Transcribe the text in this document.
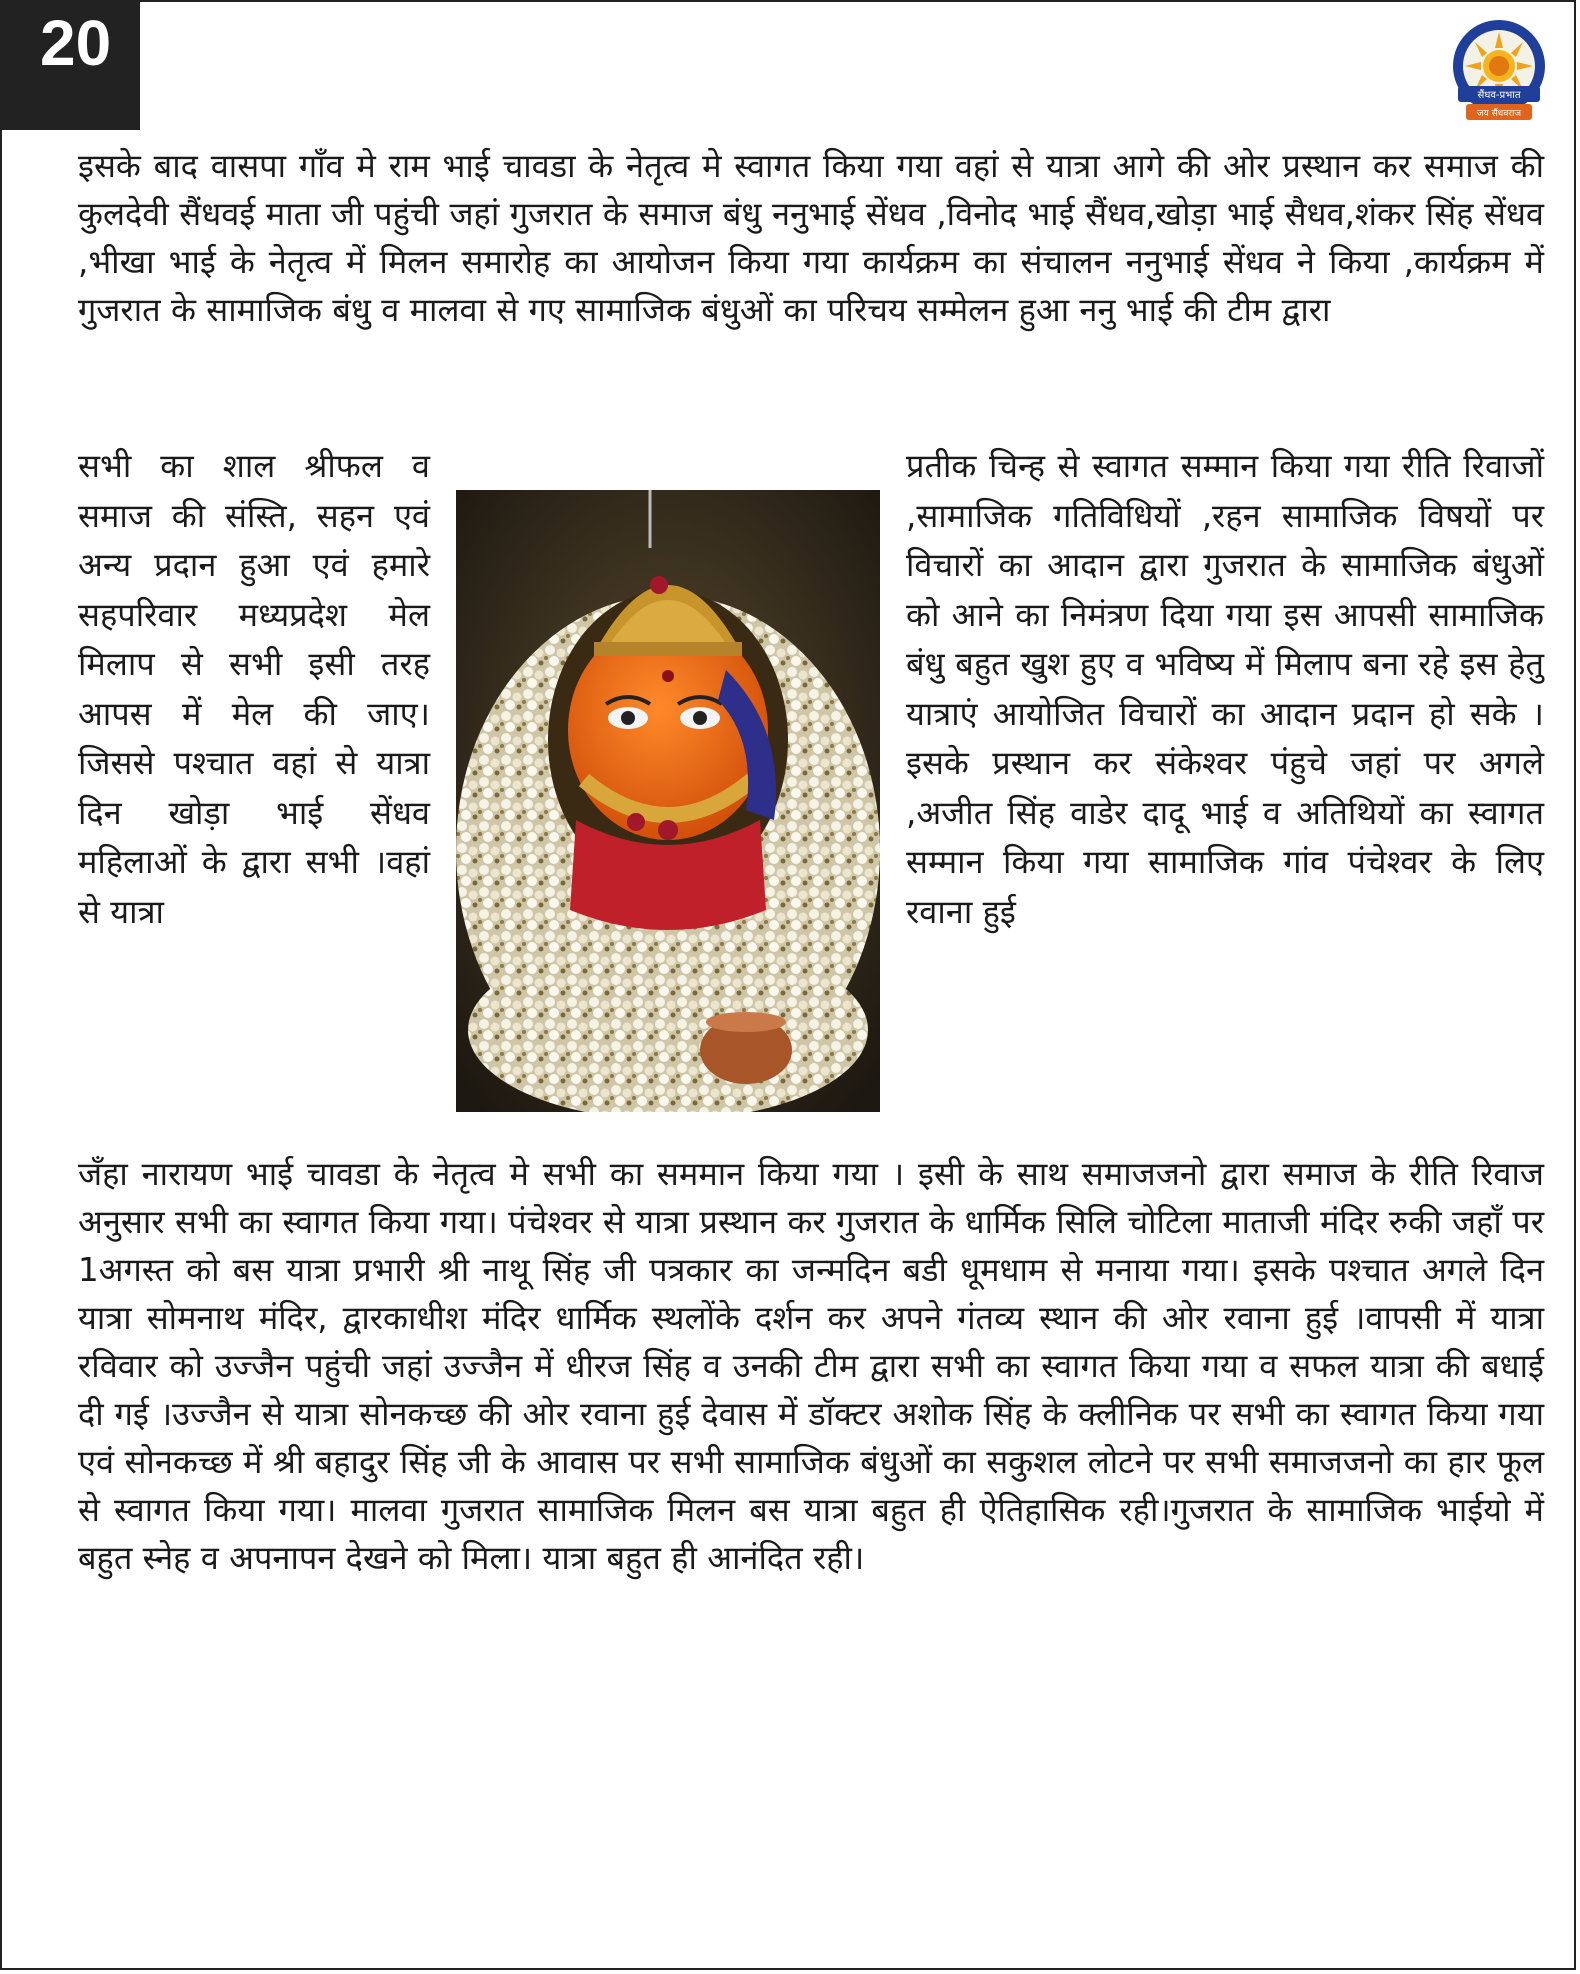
20
सैंधव-प्रभात
जय सैंधवराज

इसके बाद वासपा गाँव मे राम भाई चावडा के नेतृत्व मे स्वागत किया गया वहां से यात्रा आगे की ओर प्रस्थान कर समाज की कुलदेवी सैंधवई माता जी पहुंची जहां गुजरात के समाज बंधु ननुभाई सेंधव ,विनोद भाई सैंधव,खोड़ा भाई सैधव,शंकर सिंह सेंधव ,भीखा भाई के नेतृत्व में मिलन समारोह का आयोजन किया गया कार्यक्रम का संचालन ननुभाई सेंधव ने किया ,कार्यक्रम में गुजरात के सामाजिक बंधु व मालवा से गए सामाजिक बंधुओं का परिचय सम्मेलन हुआ ननु भाई की टीम द्वारा

सभी का शाल श्रीफल व समाज की संस्ति, सहन एवं अन्य प्रदान हुआ एवं हमारे सहपरिवार मध्यप्रदेश मेल मिलाप से सभी इसी तरह आपस में मेल की जाए। जिससे पश्चात वहां से यात्रा दिन खोड़ा भाई सेंधव महिलाओं के द्वारा सभी ।वहां से यात्रा

प्रतीक चिन्ह से स्वागत सम्मान किया गया रीति रिवाजों ,सामाजिक गतिविधियों ,रहन सामाजिक विषयों पर विचारों का आदान द्वारा गुजरात के सामाजिक बंधुओं को आने का निमंत्रण दिया गया इस आपसी सामाजिक बंधु बहुत खुश हुए व भविष्य में मिलाप बना रहे इस हेतु यात्राएं आयोजित विचारों का आदान प्रदान हो सके ।इसके प्रस्थान कर संकेश्वर पंहुचे जहां पर अगले ,अजीत सिंह वाडेर दादू भाई व अतिथियों का स्वागत सम्मान किया गया सामाजिक गांव पंचेश्वर के लिए रवाना हुई

जँहा नारायण भाई चावडा के नेतृत्व मे सभी का सममान किया गया । इसी के साथ समाजजनो द्वारा समाज के रीति रिवाज अनुसार सभी का स्वागत किया गया। पंचेश्वर से यात्रा प्रस्थान कर गुजरात के धार्मिक सिलि चोटिला माताजी मंदिर रुकी जहाँ पर 1अगस्त को बस यात्रा प्रभारी श्री नाथू सिंह जी पत्रकार का जन्मदिन बडी धूमधाम से मनाया गया। इसके पश्चात अगले दिन यात्रा सोमनाथ मंदिर, द्वारकाधीश मंदिर धार्मिक स्थलोंके दर्शन कर अपने गंतव्य स्थान की ओर रवाना हुई ।वापसी में यात्रा रविवार को उज्जैन पहुंची जहां उज्जैन में धीरज सिंह व उनकी टीम द्वारा सभी का स्वागत किया गया व सफल यात्रा की बधाई दी गई ।उज्जैन से यात्रा सोनकच्छ की ओर रवाना हुई देवास में डॉक्टर अशोक सिंह के क्लीनिक पर सभी का स्वागत किया गया एवं सोनकच्छ में श्री बहादुर सिंह जी के आवास पर सभी सामाजिक बंधुओं का सकुशल लोटने पर सभी समाजजनो का हार फूल से स्वागत किया गया। मालवा गुजरात सामाजिक मिलन बस यात्रा बहुत ही ऐतिहासिक रही।गुजरात के सामाजिक भाईयो में बहुत स्नेह व अपनापन देखने को मिला। यात्रा बहुत ही आनंदित रही।
